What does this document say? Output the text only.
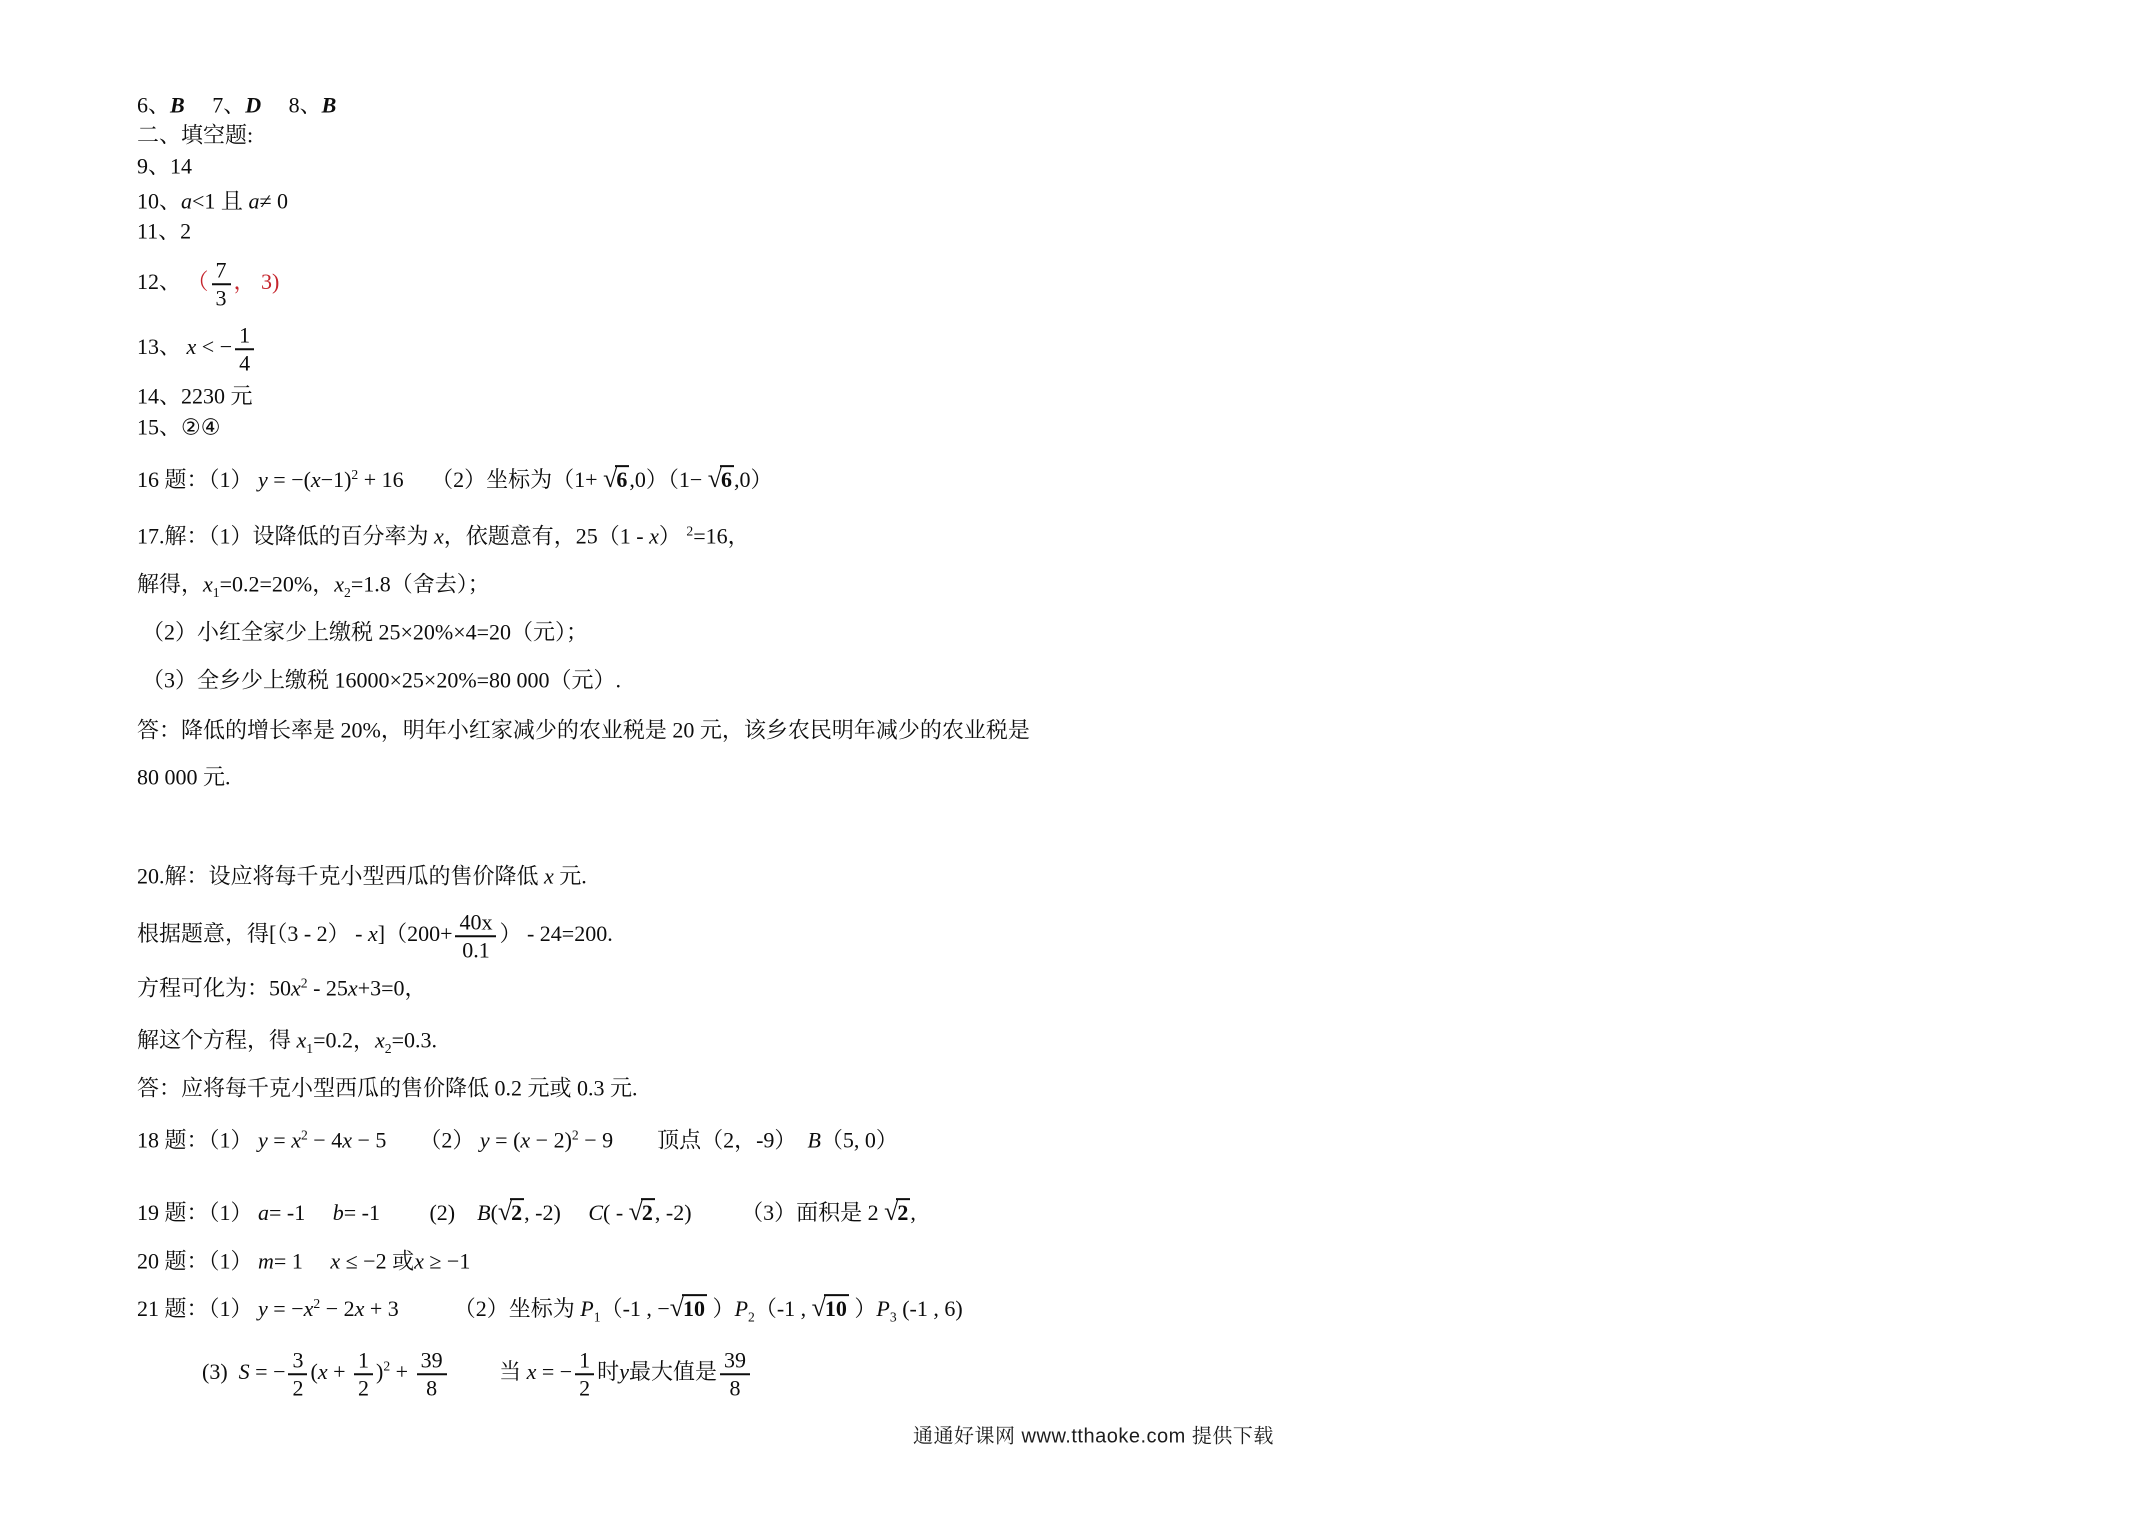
6、B　 7、D　 8、B
二、填空题:
9、14
10、a<1 且 a≠ 0
11、2
12、 （ $\frac{7}{3}$ ， 3)
13、 x < − $\frac{1}{4}$
14、2230 元
15、②④
16 题：（1） $y = -(x-1)^2 + 16$　 （2）坐标为（1+ √6,0）（1− √6,0）
17.解：（1）设降低的百分率为 x，依题意有，25（1 - x） $^2$=16，
解得，$x_1=0.2=20\%$，$x_2=1.8$（舍去）；
（2）小红全家少上缴税 25×20%×4=20（元）；
（3）全乡少上缴税 16000×25×20%=80 000（元）.
答：降低的增长率是 20%，明年小红家减少的农业税是 20 元，该乡农民明年减少的农业税是
80 000 元.
20.解：设应将每千克小型西瓜的售价降低 x 元.
根据题意，得$[(3 - 2) - x](200+ \frac{40x}{0.1}$ ） - 24=200.
方程可化为：$50x^2 - 25x+3=0$，
解这个方程，得 $x_1=0.2$，$x_2=0.3$.
答：应将每千克小型西瓜的售价降低 0.2 元或 0.3 元.
18 题：（1） $y = x^2 - 4x - 5$　　（2） $y = (x - 2)^2 - 9$　　顶点（2，-9）　B（5, 0）
19 题：（1） a= -1　 b= -1　　 (2)　B(√2, -2)　 C( - √2, -2)　　 （3）面积是 2 √2,
20 题：（1） m= 1　 x ≤ −2 或x ≥ −1
21 题：（1） $y = -x^2 - 2x + 3$　　　（2）坐标为 $P_1(-1$ , −√10 ）$P_2(-1$ , √10 ）$P_3$ (-1 , 6)
(3)  S = − $\frac{3}{2} (x + \frac{1}{2} )^2 + \frac{39}{8}$ 　　 当 x = − $\frac{1}{2}$ 时y最大值是 $\frac{39}{8}$
通通好课网 www.tthaoke.com 提供下载
